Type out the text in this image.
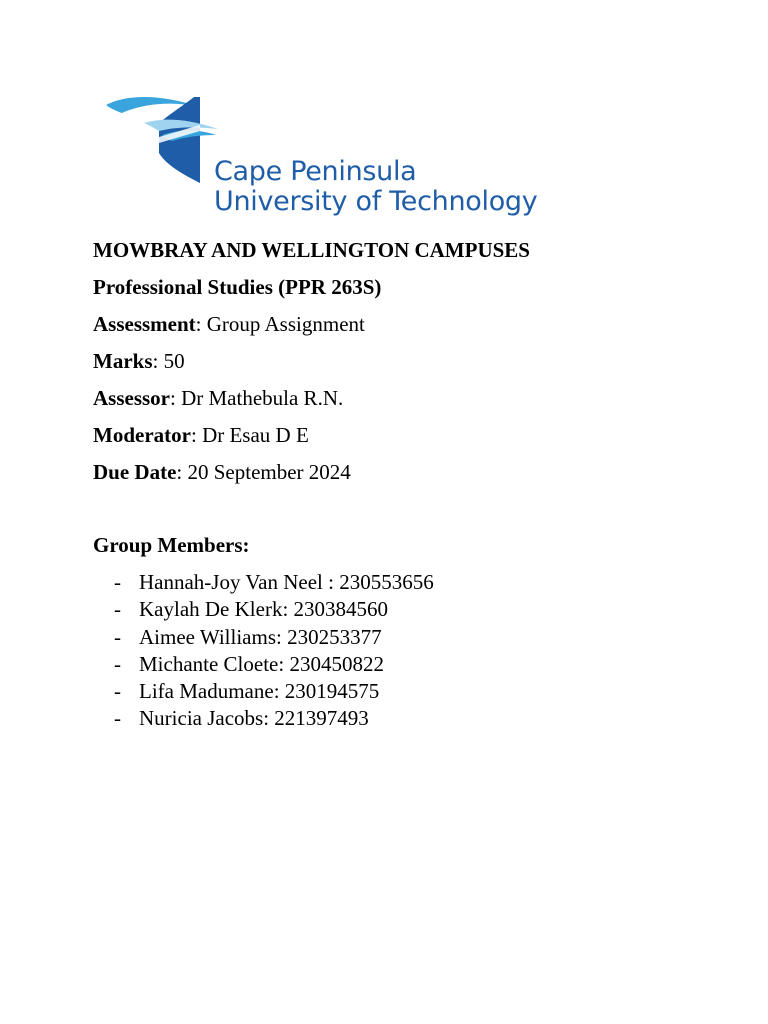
Cape Peninsula
University of Technology
MOWBRAY AND WELLINGTON CAMPUSES
Professional Studies (PPR 263S)
Assessment: Group Assignment
Marks: 50
Assessor: Dr Mathebula R.N.
Moderator: Dr Esau D E
Due Date: 20 September 2024
Group Members:
- Hannah-Joy Van Neel : 230553656
- Kaylah De Klerk: 230384560
- Aimee Williams: 230253377
- Michante Cloete: 230450822
- Lifa Madumane: 230194575
- Nuricia Jacobs: 221397493
